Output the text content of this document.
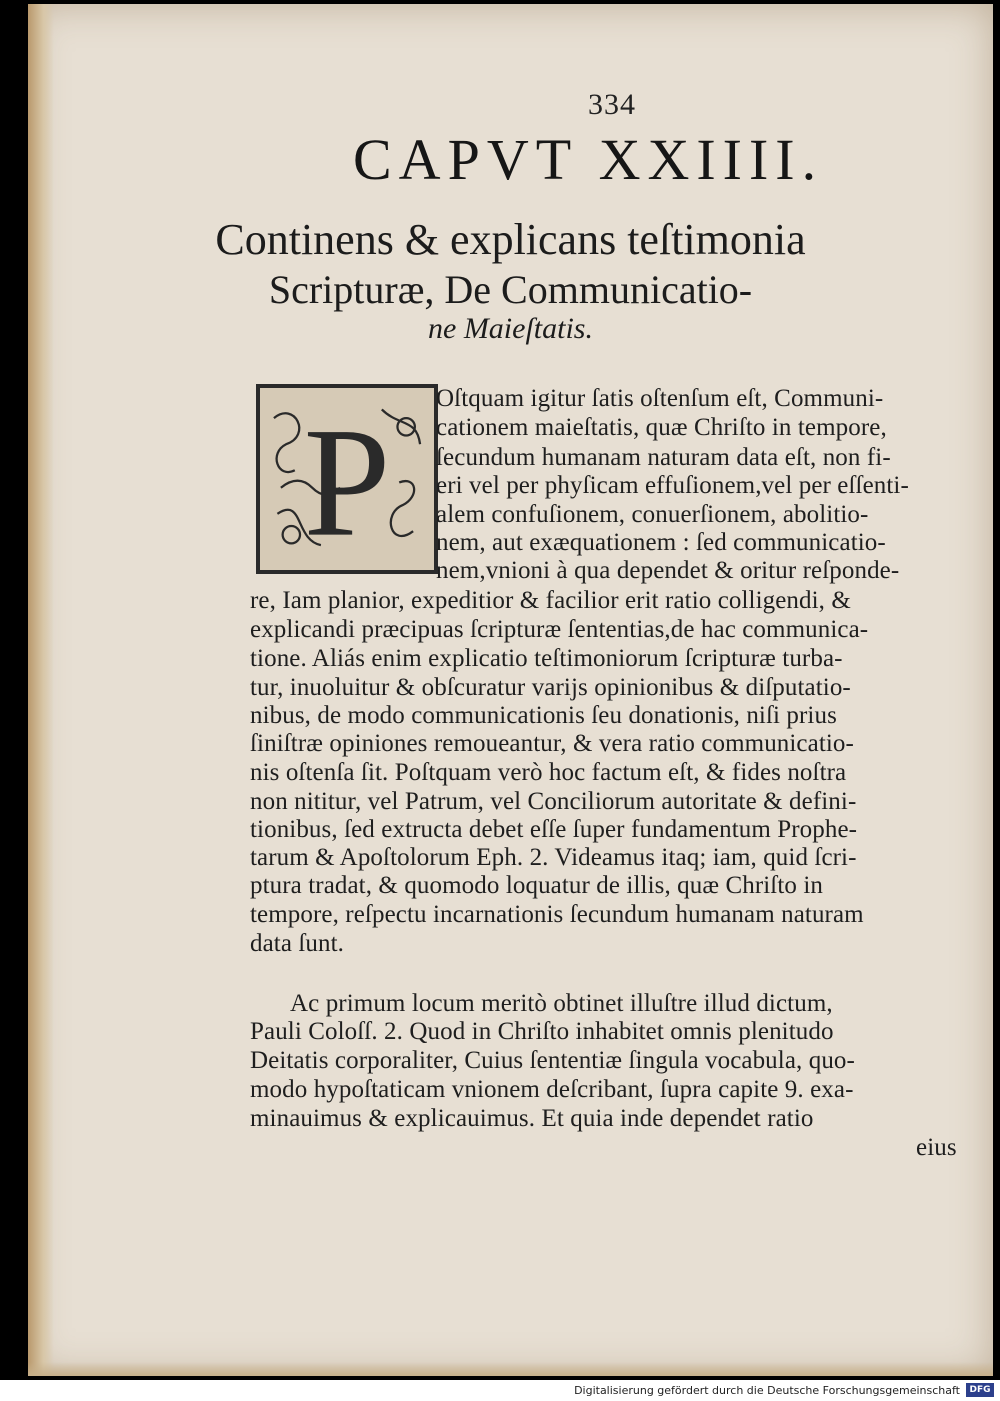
334
CAPVT XXIIII.
Continens & explicans teſtimonia
Scripturæ, De Communicatio-
ne Maieſtatis.
P Oſtquam igitur ſatis oſtenſum eſt, Communi-
cationem maieſtatis, quæ Chriſto in tempore,
ſecundum humanam naturam data eſt, non fi-
eri vel per phyſicam effuſionem,vel per eſſenti-
alem confuſionem, conuerſionem, abolitio-
nem, aut exæquationem : ſed communicatio-
nem,vnioni à qua dependet & oritur reſponde-
re, Iam planior, expeditior & facilior erit ratio colligendi, &
explicandi præcipuas ſcripturæ ſententias,de hac communica-
tione. Aliás enim explicatio teſtimoniorum ſcripturæ turba-
tur, inuoluitur & obſcuratur varijs opinionibus & diſputatio-
nibus, de modo communicationis ſeu donationis, niſi prius
ſiniſtræ opiniones remoueantur, & vera ratio communicatio-
nis oſtenſa ſit. Poſtquam verò hoc factum eſt, & fides noſtra
non nititur, vel Patrum, vel Conciliorum autoritate & defini-
tionibus, ſed extructa debet eſſe ſuper fundamentum Prophe-
tarum & Apoſtolorum Eph. 2. Videamus itaq; iam, quid ſcri-
ptura tradat, & quomodo loquatur de illis, quæ Chriſto in
tempore, reſpectu incarnationis ſecundum humanam naturam
data ſunt.
Ac primum locum meritò obtinet illuſtre illud dictum,
Pauli Coloſſ. 2. Quod in Chriſto inhabitet omnis plenitudo
Deitatis corporaliter, Cuius ſententiæ ſingula vocabula, quo-
modo hypoſtaticam vnionem deſcribant, ſupra capite 9. exa-
minauimus & explicauimus. Et quia inde dependet ratio
eius
Digitalisierung gefördert durch die Deutsche Forschungsgemeinschaft	DFG
